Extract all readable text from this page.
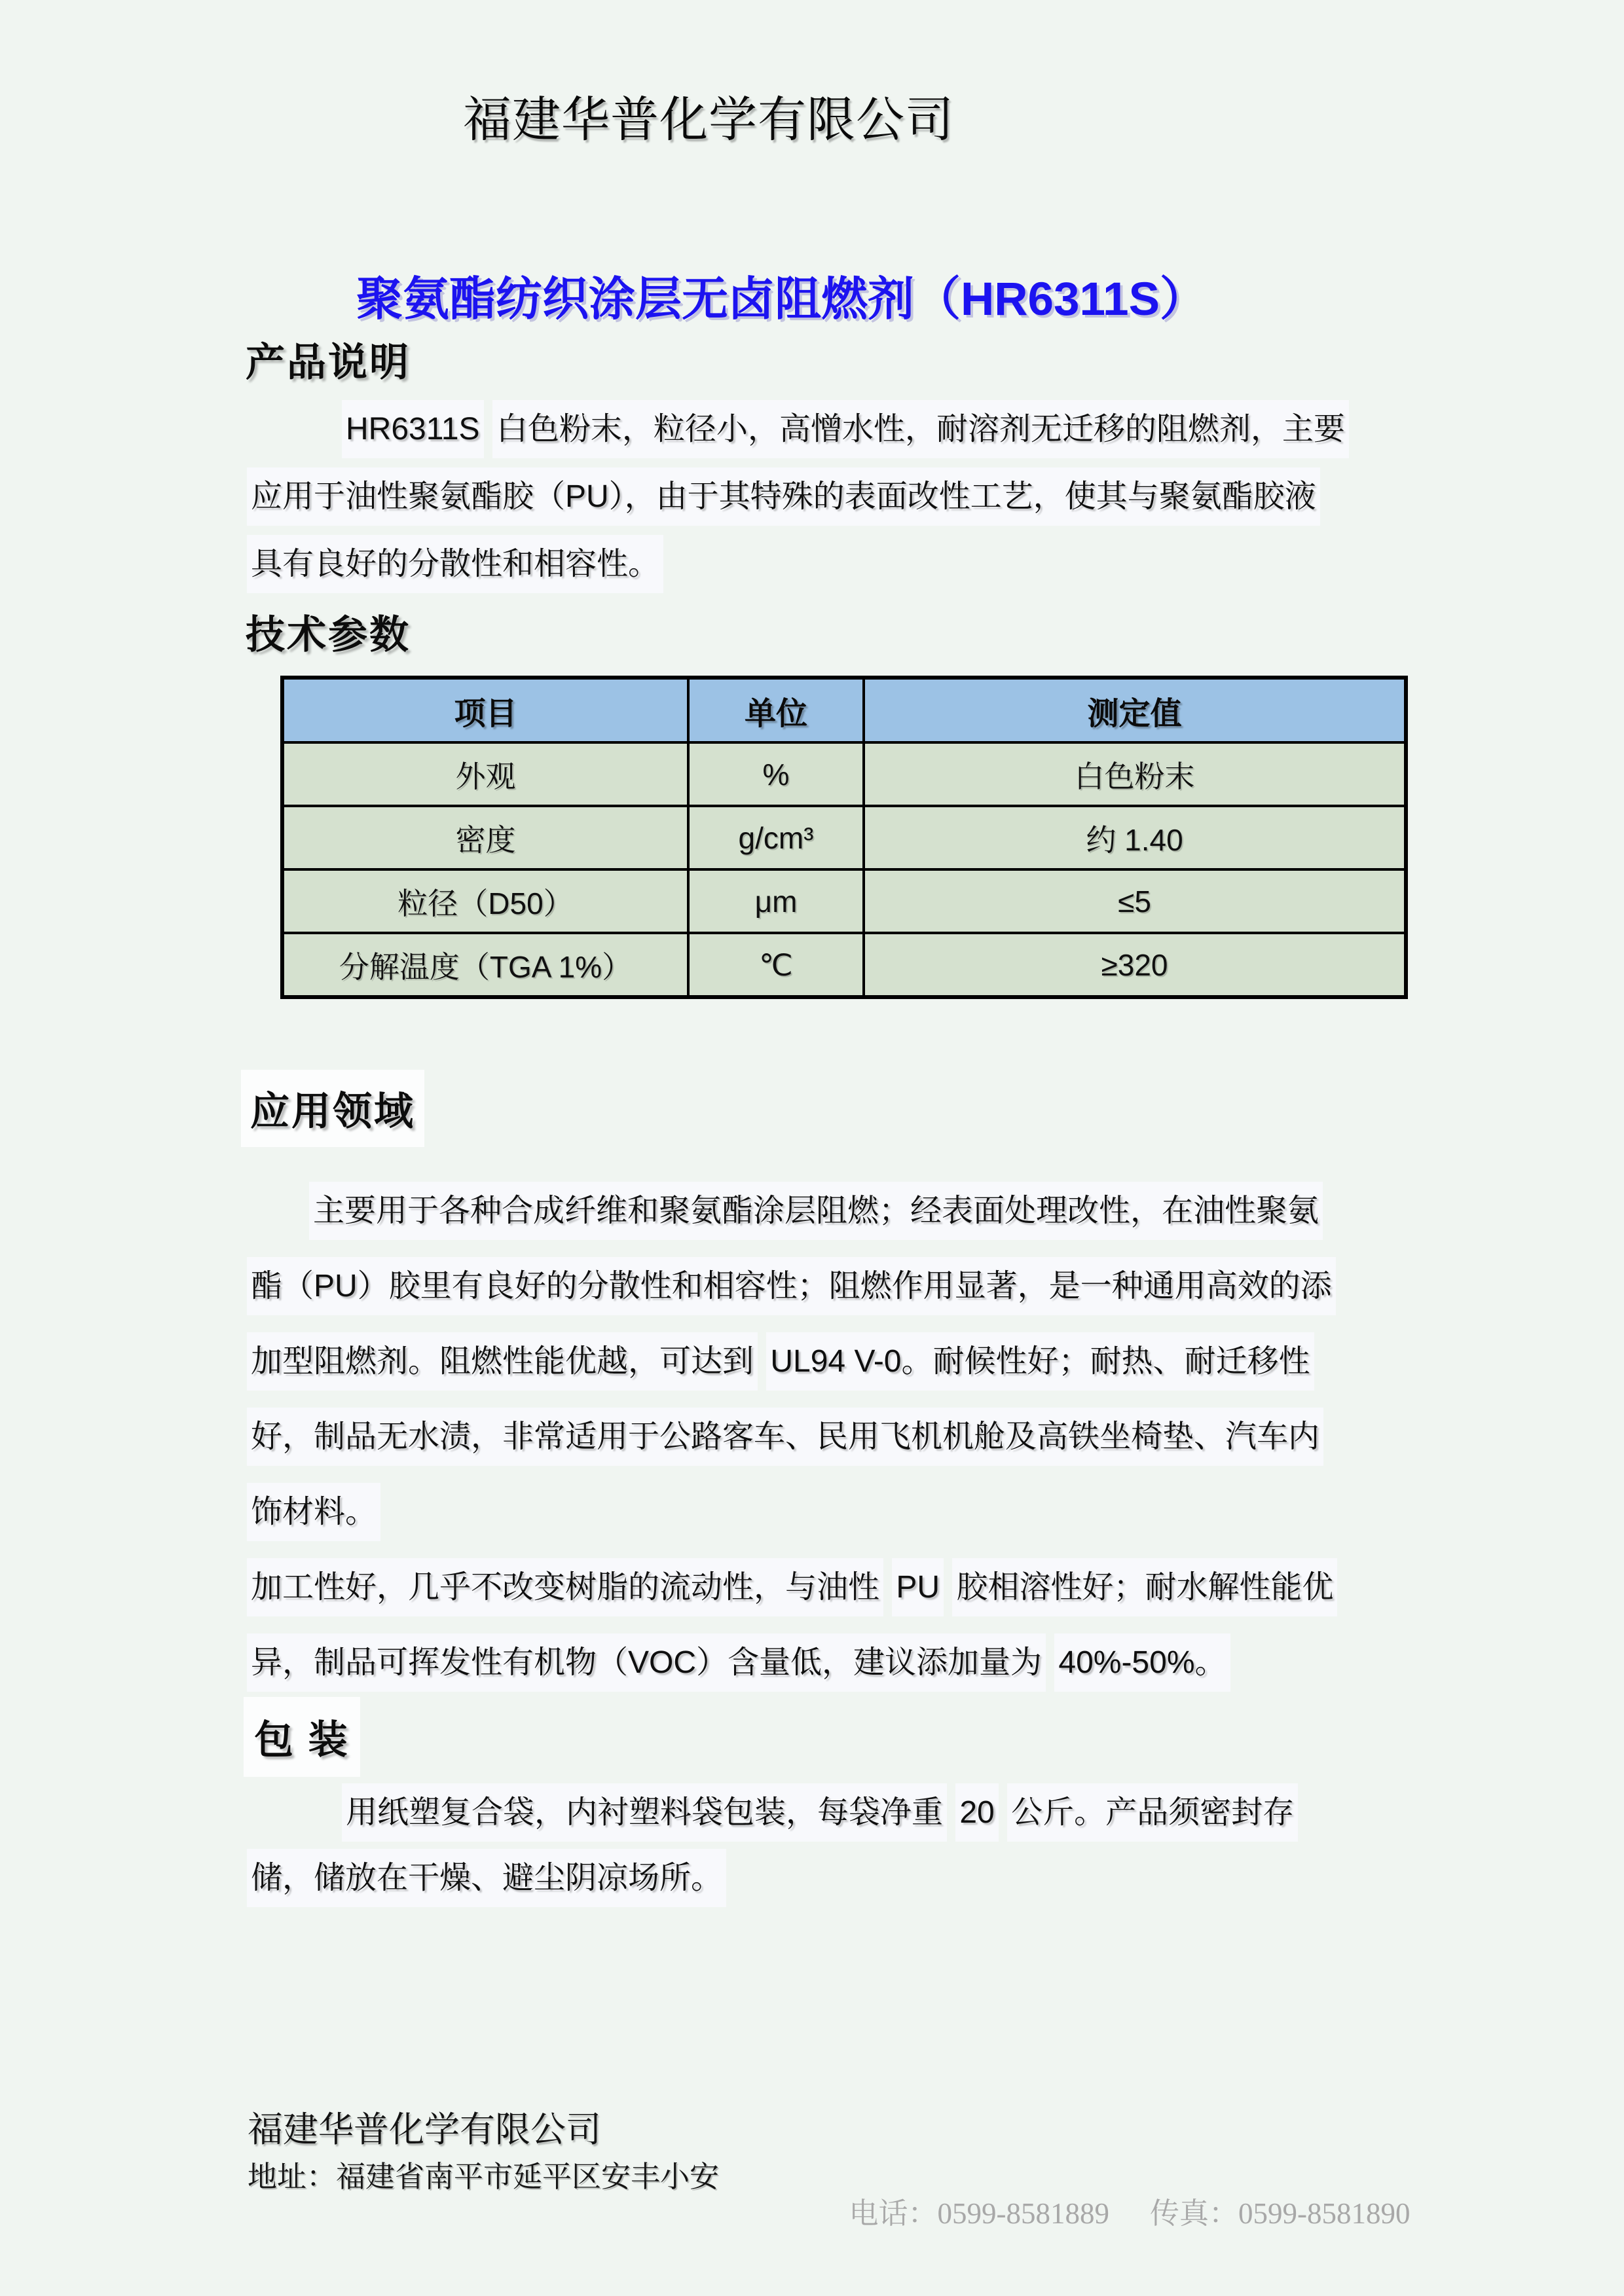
福建华普化学有限公司
聚氨酯纺织涂层无卤阻燃剂（HR6311S）
产品说明
HR6311S 白色粉末，粒径小，高憎水性，耐溶剂无迁移的阻燃剂，主要
应用于油性聚氨酯胶（PU），由于其特殊的表面改性工艺，使其与聚氨酯胶液
具有良好的分散性和相容性。
技术参数
项目	单位	测定值
外观	%	白色粉末
密度	g/cm³	约 1.40
粒径（D50）	μm	≤5
分解温度（TGA 1%）	℃	≥320
应用领域
主要用于各种合成纤维和聚氨酯涂层阻燃；经表面处理改性，在油性聚氨
酯（PU）胶里有良好的分散性和相容性；阻燃作用显著，是一种通用高效的添
加型阻燃剂。阻燃性能优越，可达到 UL94 V-0。耐候性好；耐热、耐迁移性
好，制品无水渍，非常适用于公路客车、民用飞机机舱及高铁坐椅垫、汽车内
饰材料。
加工性好，几乎不改变树脂的流动性，与油性 PU 胶相溶性好；耐水解性能优
异，制品可挥发性有机物（VOC）含量低，建议添加量为 40%-50%。
包 装
用纸塑复合袋，内衬塑料袋包装，每袋净重 20 公斤。产品须密封存
储，储放在干燥、避尘阴凉场所。
福建华普化学有限公司
地址：福建省南平市延平区安丰小安

电话：0599-8581889 传真：0599-8581890
